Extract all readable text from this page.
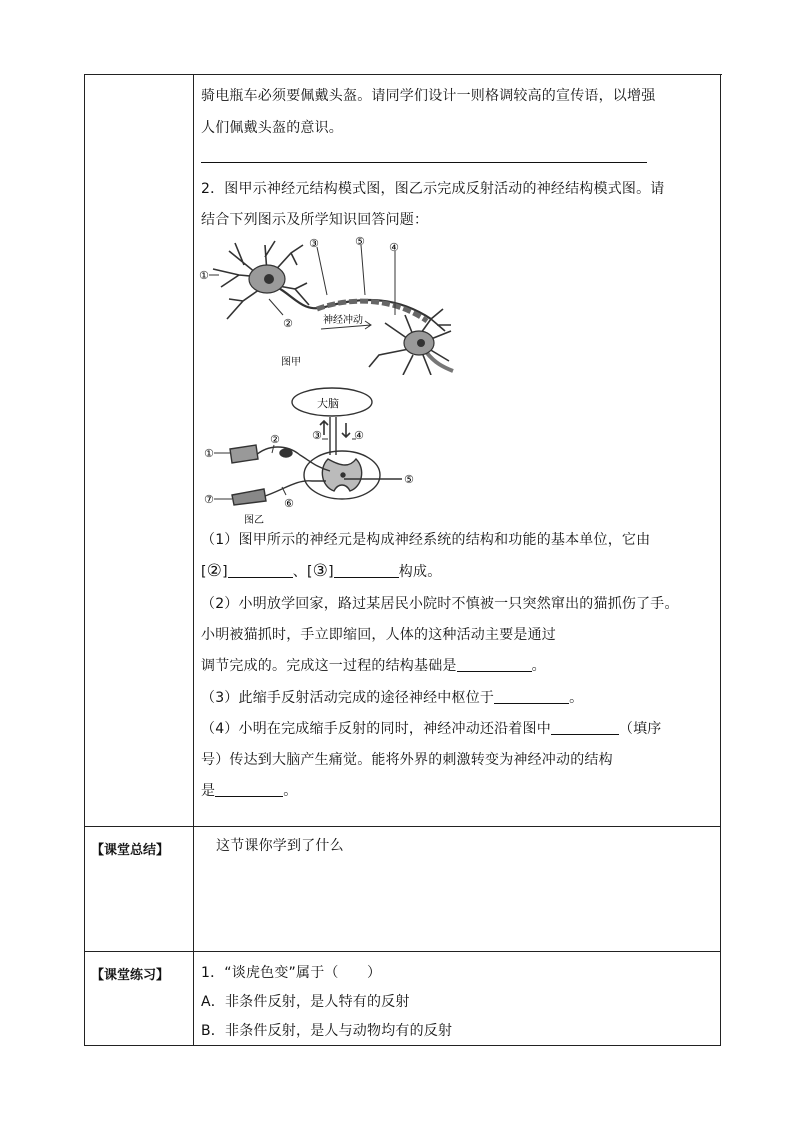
骑电瓶车必须要佩戴头盔。请同学们设计一则格调较高的宣传语，以增强
人们佩戴头盔的意识。
2．图甲示神经元结构模式图，图乙示完成反射活动的神经结构模式图。请
结合下列图示及所学知识回答问题：
①
②
③	⑤ ④
神经冲动
图甲
大脑
①
②	③	④
⑤
⑥
⑦
图乙
（1）图甲所示的神经元是构成神经系统的结构和功能的基本单位，它由
[②]	、[③]	构成。
（2）小明放学回家，路过某居民小院时不慎被一只突然窜出的猫抓伤了手。
小明被猫抓时，手立即缩回，人体的这种活动主要是通过
调节完成的。完成这一过程的结构基础是	。
（3）此缩手反射活动完成的途径神经中枢位于	。
（4）小明在完成缩手反射的同时，神经冲动还沿着图中	（填序
号）传达到大脑产生痛觉。能将外界的刺激转变为神经冲动的结构
是	。
【课堂总结】	这节课你学到了什么
【课堂练习】 1．“谈虎色变”属于（　　）
A．非条件反射，是人特有的反射
B．非条件反射，是人与动物均有的反射
